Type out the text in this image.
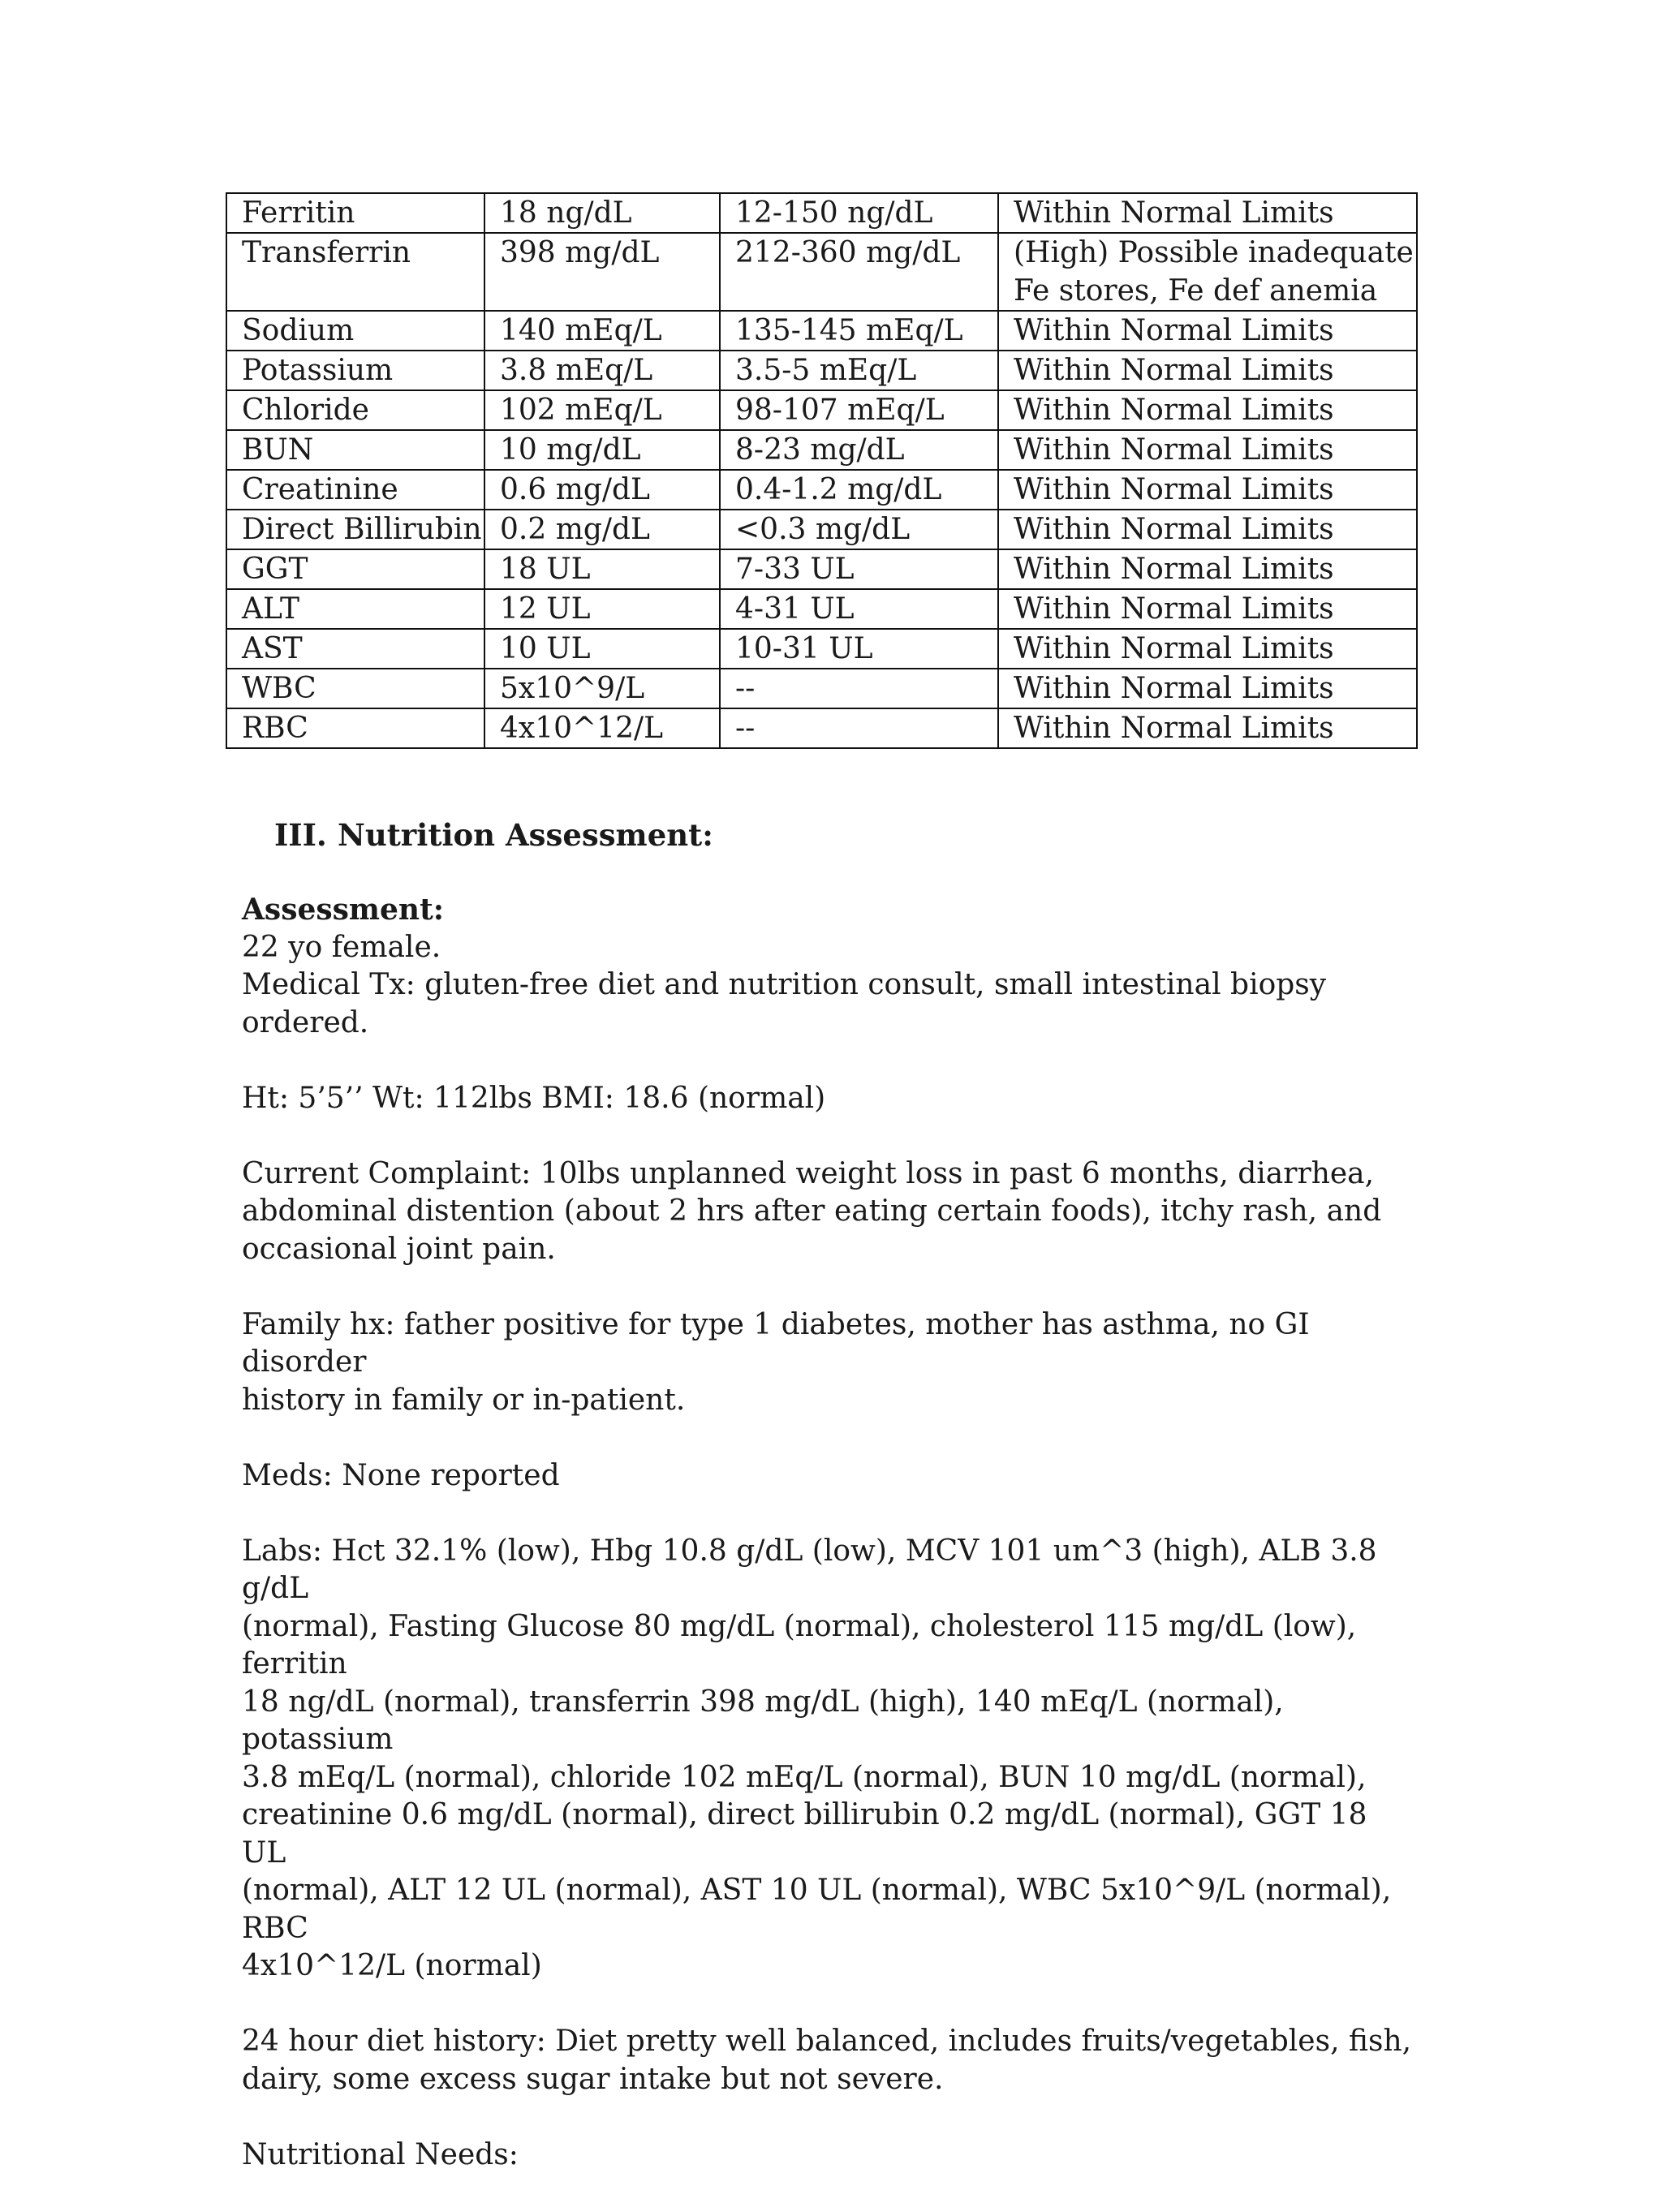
Ferritin	18 ng/dL	12-150 ng/dL	Within Normal Limits
Transferrin	398 mg/dL	212-360 mg/dL	(High) Possible inadequate Fe stores, Fe def anemia
Sodium	140 mEq/L	135-145 mEq/L	Within Normal Limits
Potassium	3.8 mEq/L	3.5-5 mEq/L	Within Normal Limits
Chloride	102 mEq/L	98-107 mEq/L	Within Normal Limits
BUN	10 mg/dL	8-23 mg/dL	Within Normal Limits
Creatinine	0.6 mg/dL	0.4-1.2 mg/dL	Within Normal Limits
Direct Billirubin	0.2 mg/dL	<0.3 mg/dL	Within Normal Limits
GGT	18 UL	7-33 UL	Within Normal Limits
ALT	12 UL	4-31 UL	Within Normal Limits
AST	10 UL	10-31 UL	Within Normal Limits
WBC	5x10^9/L	--	Within Normal Limits
RBC	4x10^12/L	--	Within Normal Limits
III. Nutrition Assessment:
Assessment:
22 yo female.
Medical Tx: gluten-free diet and nutrition consult, small intestinal biopsy ordered.
Ht: 5’5’’ Wt: 112lbs BMI: 18.6 (normal)
Current Complaint: 10lbs unplanned weight loss in past 6 months, diarrhea,
abdominal distention (about 2 hrs after eating certain foods), itchy rash, and
occasional joint pain.
Family hx: father positive for type 1 diabetes, mother has asthma, no GI disorder
history in family or in-patient.
Meds: None reported
Labs: Hct 32.1% (low), Hbg 10.8 g/dL (low), MCV 101 um^3 (high), ALB 3.8 g/dL
(normal), Fasting Glucose 80 mg/dL (normal), cholesterol 115 mg/dL (low), ferritin
18 ng/dL (normal), transferrin 398 mg/dL (high), 140 mEq/L (normal), potassium
3.8 mEq/L (normal), chloride 102 mEq/L (normal), BUN 10 mg/dL (normal),
creatinine 0.6 mg/dL (normal), direct billirubin 0.2 mg/dL (normal), GGT 18 UL
(normal), ALT 12 UL (normal), AST 10 UL (normal), WBC 5x10^9/L (normal), RBC
4x10^12/L (normal)
24 hour diet history: Diet pretty well balanced, includes fruits/vegetables, fish,
dairy, some excess sugar intake but not severe.
Nutritional Needs:
